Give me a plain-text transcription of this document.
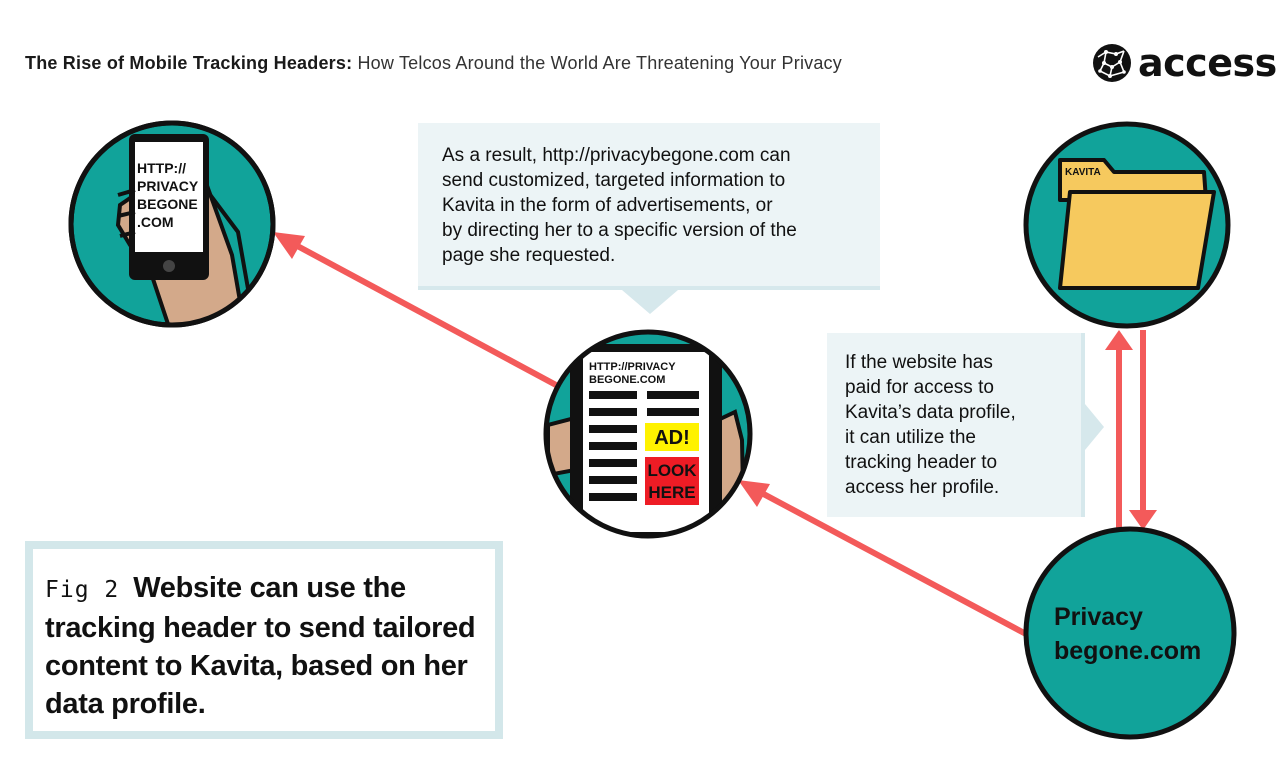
The Rise of Mobile Tracking Headers: How Telcos Around the World Are Threatening Your Privacy	access
HTTP://
PRIVACY
BEGONE
.COM
HTTP://PRIVACY
BEGONE.COM
AD!
LOOK
HERE
KAVITA

As a result, http://privacybegone.com can
send customized, targeted information to
Kavita in the form of advertisements, or
by directing her to a specific version of the
page she requested.

If the website has
paid for access to
Kavita’s data profile,
it can utilize the
tracking header to
access her profile.

Privacy
begone.com
Fig 2 Website can use the tracking header to send tailored content to Kavita, based on her data profile.
